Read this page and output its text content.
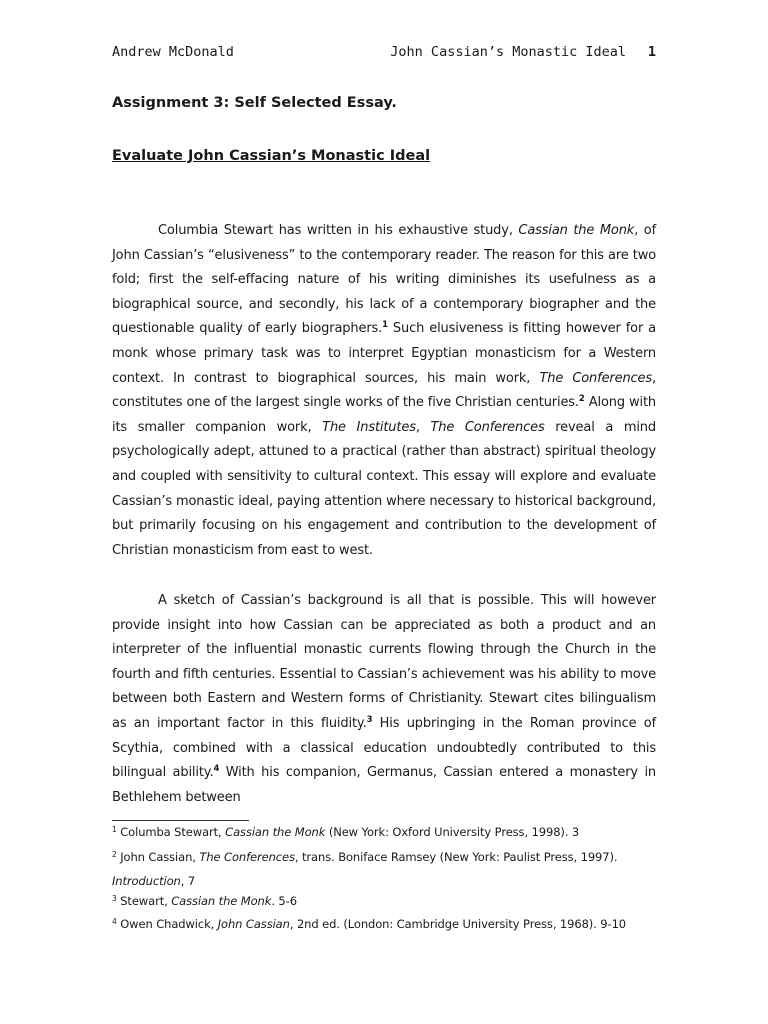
Andrew McDonald	John Cassian’s Monastic Ideal 1
Assignment 3: Self Selected Essay.
Evaluate John Cassian’s Monastic Ideal

Columbia Stewart has written in his exhaustive study, Cassian the Monk, of John Cassian’s “elusiveness” to the contemporary reader. The reason for this are two fold; first the self-effacing nature of his writing diminishes its usefulness as a biographical source, and secondly, his lack of a contemporary biographer and the questionable quality of early biographers.$^1$ Such elusiveness is fitting however for a monk whose primary task was to interpret Egyptian monasticism for a Western context. In contrast to biographical sources, his main work, The Conferences, constitutes one of the largest single works of the five Christian centuries.$^2$ Along with its smaller companion work, The Institutes, The Conferences reveal a mind psychologically adept, attuned to a practical (rather than abstract) spiritual theology and coupled with sensitivity to cultural context. This essay will explore and evaluate Cassian’s monastic ideal, paying attention where necessary to historical background, but primarily focusing on his engagement and contribution to the development of Christian monasticism from east to west.

A sketch of Cassian’s background is all that is possible. This will however provide insight into how Cassian can be appreciated as both a product and an interpreter of the influential monastic currents flowing through the Church in the fourth and fifth centuries. Essential to Cassian’s achievement was his ability to move between both Eastern and Western forms of Christianity. Stewart cites bilingualism as an important factor in this fluidity.$^3$ His upbringing in the Roman province of Scythia, combined with a classical education undoubtedly contributed to this bilingual ability.$^4$ With his companion, Germanus, Cassian entered a monastery in Bethlehem between

$^1$ Columba Stewart, Cassian the Monk (New York: Oxford University Press, 1998). 3
$^2$ John Cassian, The Conferences, trans. Boniface Ramsey (New York: Paulist Press, 1997).
Introduction, 7
$^3$ Stewart, Cassian the Monk. 5-6
$^4$ Owen Chadwick, John Cassian, 2nd ed. (London: Cambridge University Press, 1968). 9-10
